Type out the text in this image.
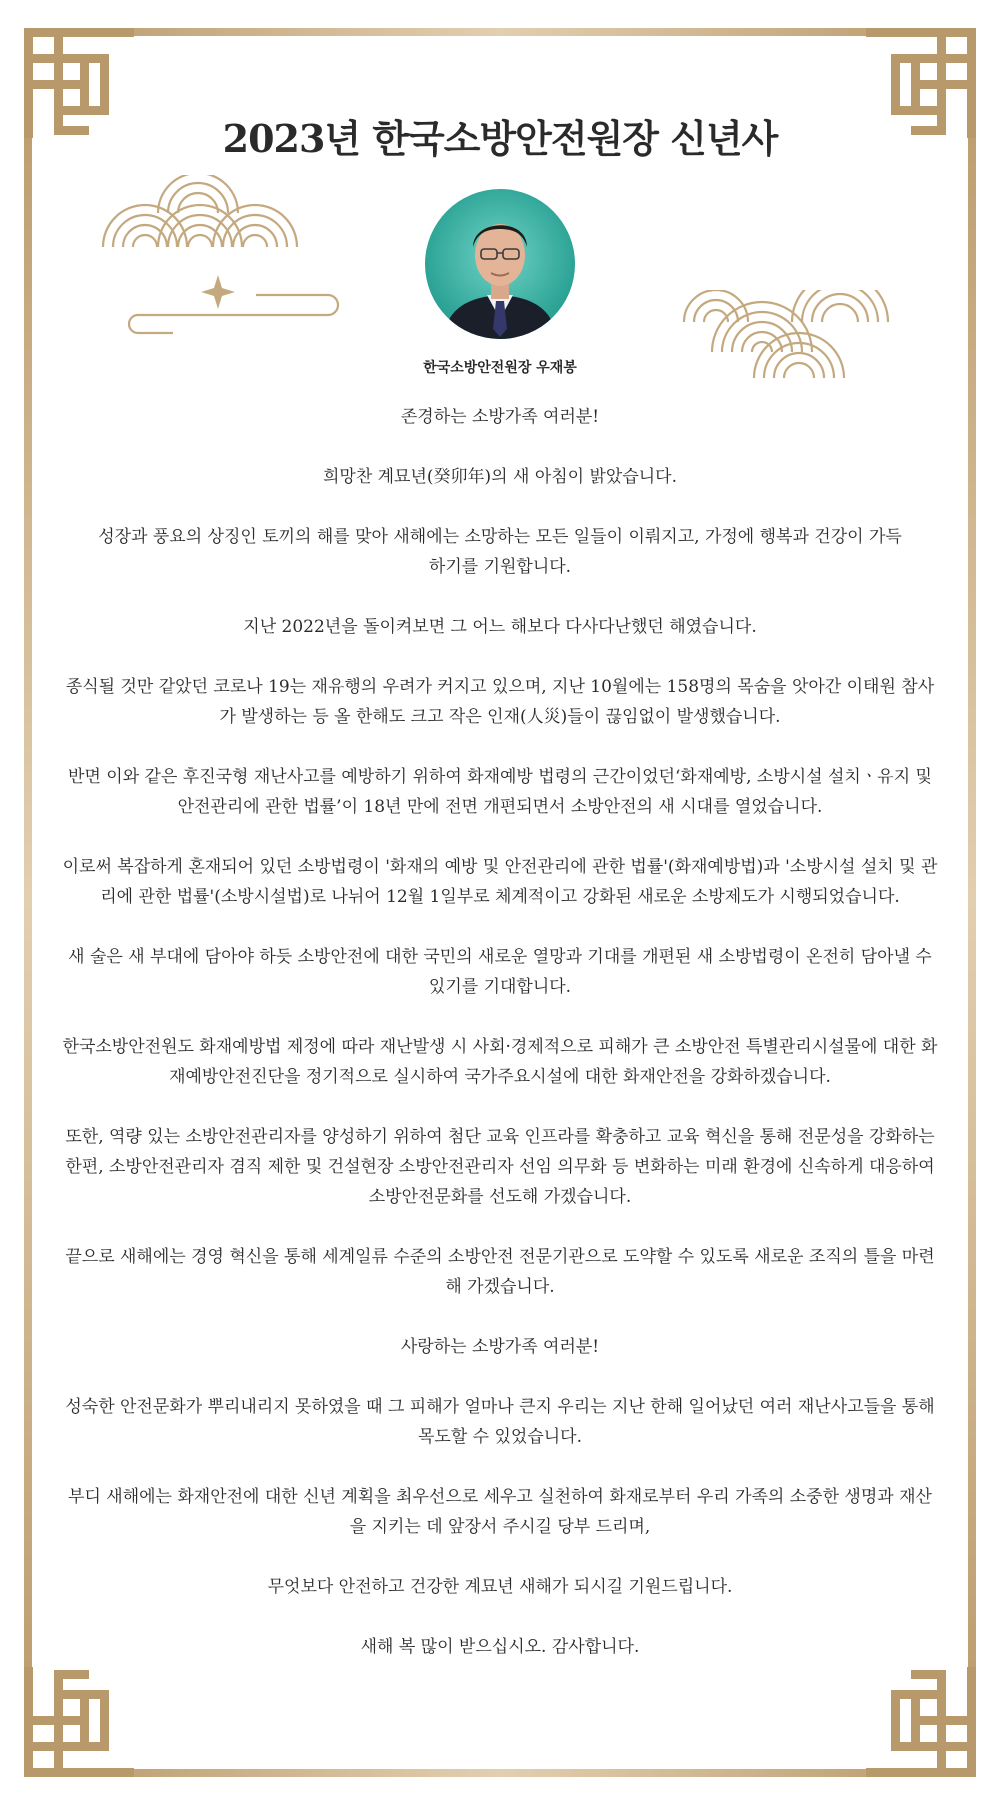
2023년 한국소방안전원장 신년사
한국소방안전원장 우재봉

존경하는 소방가족 여러분!

희망찬 계묘년(癸卯年)의 새 아침이 밝았습니다.

성장과 풍요의 상징인 토끼의 해를 맞아 새해에는 소망하는 모든 일들이 이뤄지고, 가정에 행복과 건강이 가득하기를 기원합니다.

지난 2022년을 돌이켜보면 그 어느 해보다 다사다난했던 해였습니다.

종식될 것만 같았던 코로나 19는 재유행의 우려가 커지고 있으며, 지난 10월에는 158명의 목숨을 앗아간 이태원 참사가 발생하는 등 올 한해도 크고 작은 인재(人災)들이 끊임없이 발생했습니다.

반면 이와 같은 후진국형 재난사고를 예방하기 위하여 화재예방 법령의 근간이었던‘화재예방, 소방시설 설치ㆍ유지 및 안전관리에 관한 법률’이 18년 만에 전면 개편되면서 소방안전의 새 시대를 열었습니다.

이로써 복잡하게 혼재되어 있던 소방법령이 '화재의 예방 및 안전관리에 관한 법률'(화재예방법)과 '소방시설 설치 및 관리에 관한 법률'(소방시설법)로 나뉘어 12월 1일부로 체계적이고 강화된 새로운 소방제도가 시행되었습니다.

새 술은 새 부대에 담아야 하듯 소방안전에 대한 국민의 새로운 열망과 기대를 개편된 새 소방법령이 온전히 담아낼 수 있기를 기대합니다.

한국소방안전원도 화재예방법 제정에 따라 재난발생 시 사회·경제적으로 피해가 큰 소방안전 특별관리시설물에 대한 화재예방안전진단을 정기적으로 실시하여 국가주요시설에 대한 화재안전을 강화하겠습니다.

또한, 역량 있는 소방안전관리자를 양성하기 위하여 첨단 교육 인프라를 확충하고 교육 혁신을 통해 전문성을 강화하는 한편, 소방안전관리자 겸직 제한 및 건설현장 소방안전관리자 선임 의무화 등 변화하는 미래 환경에 신속하게 대응하여 소방안전문화를 선도해 가겠습니다.

끝으로 새해에는 경영 혁신을 통해 세계일류 수준의 소방안전 전문기관으로 도약할 수 있도록 새로운 조직의 틀을 마련해 가겠습니다.

사랑하는 소방가족 여러분!

성숙한 안전문화가 뿌리내리지 못하였을 때 그 피해가 얼마나 큰지 우리는 지난 한해 일어났던 여러 재난사고들을 통해 목도할 수 있었습니다.

부디 새해에는 화재안전에 대한 신년 계획을 최우선으로 세우고 실천하여 화재로부터 우리 가족의 소중한 생명과 재산을 지키는 데 앞장서 주시길 당부 드리며,

무엇보다 안전하고 건강한 계묘년 새해가 되시길 기원드립니다.

새해 복 많이 받으십시오. 감사합니다.
